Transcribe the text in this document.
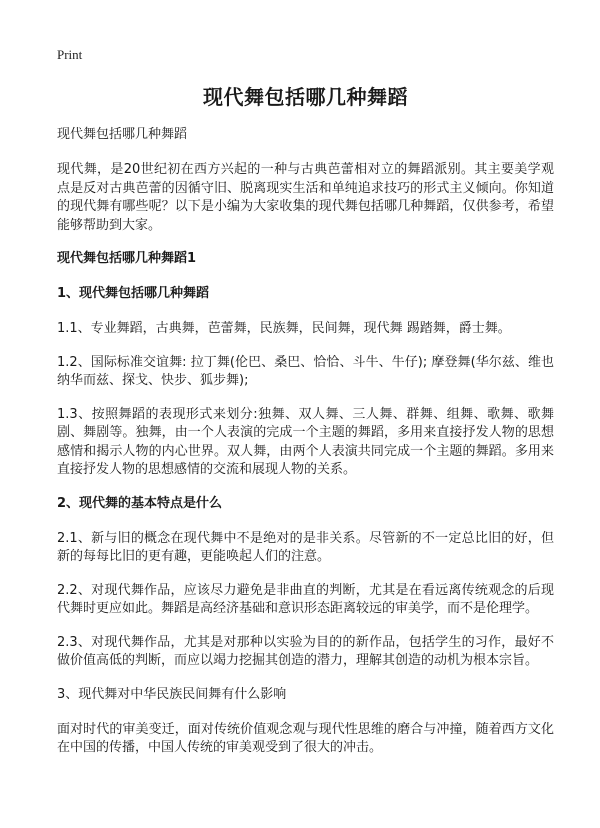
Print
现代舞包括哪几种舞蹈

现代舞包括哪几种舞蹈

现代舞，是20世纪初在西方兴起的一种与古典芭蕾相对立的舞蹈派别。其主要美学观点是反对古典芭蕾的因循守旧、脱离现实生活和单纯追求技巧的形式主义倾向。你知道的现代舞有哪些呢？以下是小编为大家收集的现代舞包括哪几种舞蹈，仅供参考，希望能够帮助到大家。

现代舞包括哪几种舞蹈1

1、现代舞包括哪几种舞蹈

1.1、专业舞蹈，古典舞，芭蕾舞，民族舞，民间舞，现代舞 踢踏舞，爵士舞。

1.2、国际标准交谊舞: 拉丁舞(伦巴、桑巴、恰恰、斗牛、牛仔); 摩登舞(华尔兹、维也纳华而兹、探戈、快步、狐步舞);

1.3、按照舞蹈的表现形式来划分:独舞、双人舞、三人舞、群舞、组舞、歌舞、歌舞剧、舞剧等。独舞，由一个人表演的完成一个主题的舞蹈，多用来直接抒发人物的思想感情和揭示人物的内心世界。双人舞，由两个人表演共同完成一个主题的舞蹈。多用来直接抒发人物的思想感情的交流和展现人物的关系。

2、现代舞的基本特点是什么

2.1、新与旧的概念在现代舞中不是绝对的是非关系。尽管新的不一定总比旧的好，但新的每每比旧的更有趣，更能唤起人们的注意。

2.2、对现代舞作品，应该尽力避免是非曲直的判断，尤其是在看远离传统观念的后现代舞时更应如此。舞蹈是高经济基础和意识形态距离较远的审美学，而不是伦理学。

2.3、对现代舞作品，尤其是对那种以实验为目的的新作品，包括学生的习作，最好不做价值高低的判断，而应以竭力挖掘其创造的潜力，理解其创造的动机为根本宗旨。

3、现代舞对中华民族民间舞有什么影响

面对时代的审美变迁，面对传统价值观念观与现代性思维的磨合与冲撞，随着西方文化在中国的传播，中国人传统的审美观受到了很大的冲击。
